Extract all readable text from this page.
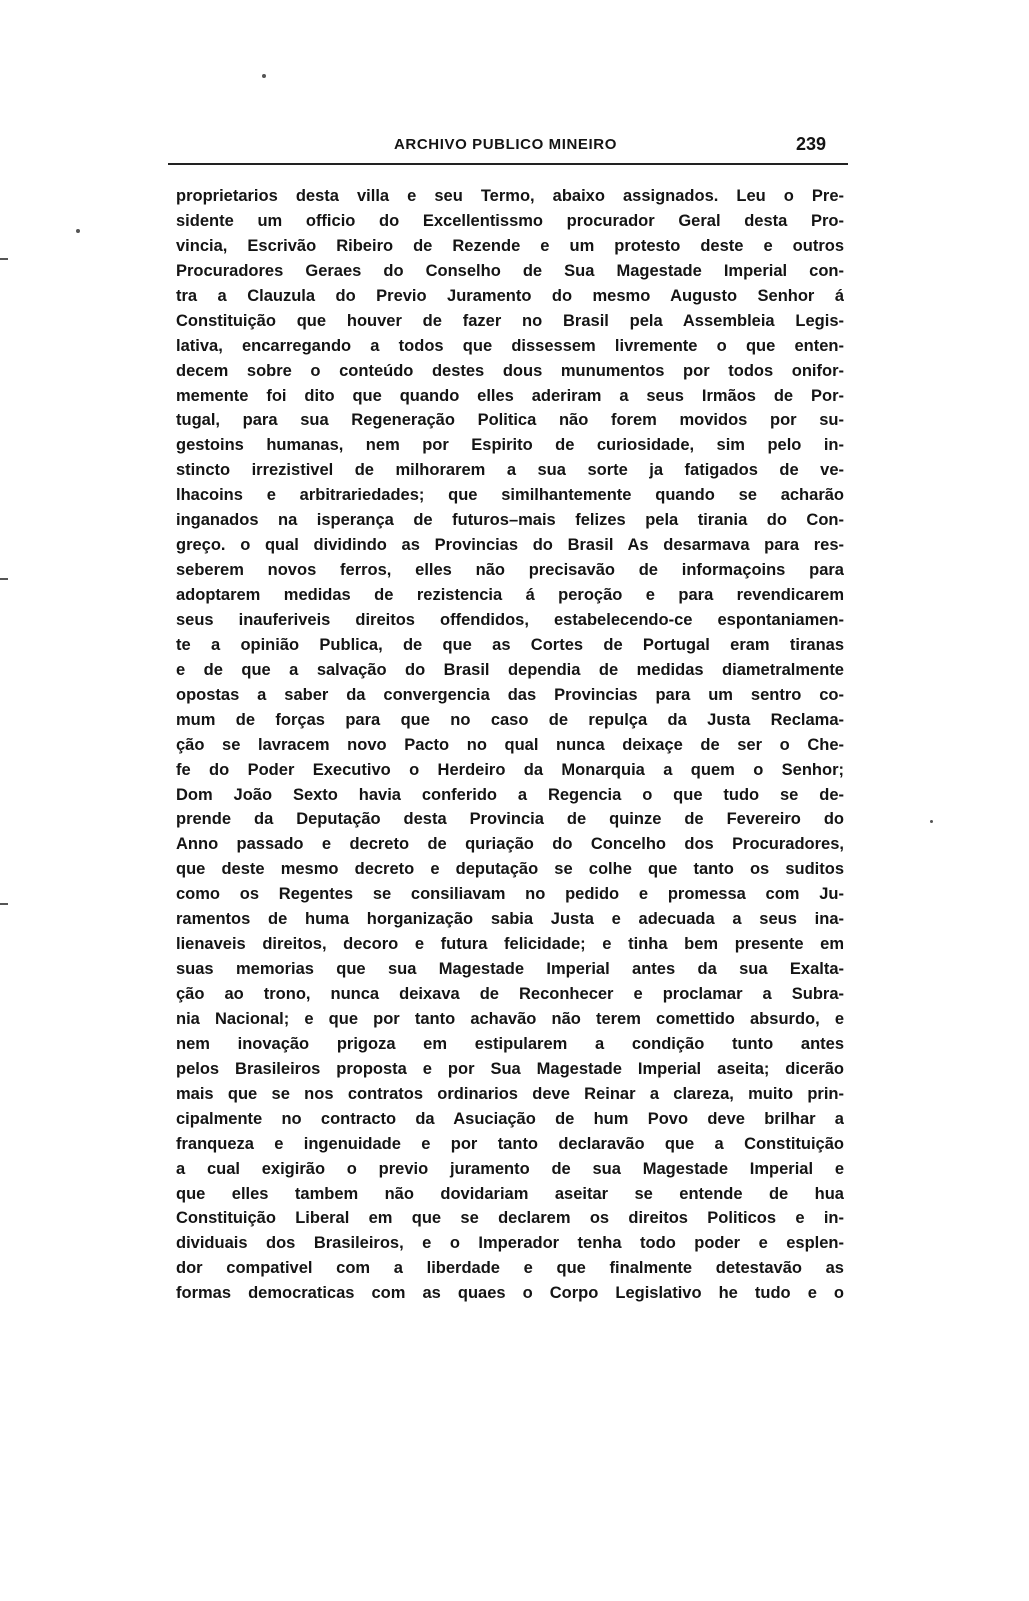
ARCHIVO PUBLICO MINEIRO	239
proprietarios desta villa e seu Termo, abaixo assignados. Leu o Pre-
sidente um officio do Excellentissmo procurador Geral desta Pro-
vincia, Escrivão Ribeiro de Rezende e um protesto deste e outros
Procuradores Geraes do Conselho de Sua Magestade Imperial con-
tra a Clauzula do Previo Juramento do mesmo Augusto Senhor á
Constituição que houver de fazer no Brasil pela Assembleia Legis-
lativa, encarregando a todos que dissessem livremente o que enten-
decem sobre o conteúdo destes dous munumentos por todos onifor-
memente foi dito que quando elles aderiram a seus Irmãos de Por-
tugal, para sua Regeneração Politica não forem movidos por su-
gestoins humanas, nem por Espirito de curiosidade, sim pelo in-
stincto irrezistivel de milhorarem a sua sorte ja fatigados de ve-
lhacoins e arbitrariedades; que similhantemente quando se acharão
inganados na isperança de futuros–mais felizes pela tirania do Con-
greço. o qual dividindo as Provincias do Brasil As desarmava para res-
seberem novos ferros, elles não precisavão de informaçoins para
adoptarem medidas de rezistencia á peroção e para revendicarem
seus inauferiveis direitos offendidos, estabelecendo-ce espontaniamen-
te a opinião Publica, de que as Cortes de Portugal eram tiranas
e de que a salvação do Brasil dependia de medidas diametralmente
opostas a saber da convergencia das Provincias para um sentro co-
mum de forças para que no caso de repulça da Justa Reclama-
ção se lavracem novo Pacto no qual nunca deixaçe de ser o Che-
fe do Poder Executivo o Herdeiro da Monarquia a quem o Senhor;
Dom João Sexto havia conferido a Regencia o que tudo se de-
prende da Deputação desta Provincia de quinze de Fevereiro do
Anno passado e decreto de quriação do Concelho dos Procuradores,
que deste mesmo decreto e deputação se colhe que tanto os suditos
como os Regentes se consiliavam no pedido e promessa com Ju-
ramentos de huma horganização sabia Justa e adecuada a seus ina-
lienaveis direitos, decoro e futura felicidade; e tinha bem presente em
suas memorias que sua Magestade Imperial antes da sua Exalta-
ção ao trono, nunca deixava de Reconhecer e proclamar a Subra-
nia Nacional; e que por tanto achavão não terem comettido absurdo, e
nem inovação prigoza em estipularem a condição tunto antes
pelos Brasileiros proposta e por Sua Magestade Imperial aseita; dicerão
mais que se nos contratos ordinarios deve Reinar a clareza, muito prin-
cipalmente no contracto da Asuciação de hum Povo deve brilhar a
franqueza e ingenuidade e por tanto declaravão que a Constituição
a cual exigirão o previo juramento de sua Magestade Imperial e
que elles tambem não dovidariam aseitar se entende de hua
Constituição Liberal em que se declarem os direitos Politicos e in-
dividuais dos Brasileiros, e o Imperador tenha todo poder e esplen-
dor compativel com a liberdade e que finalmente detestavão as
formas democraticas com as quaes o Corpo Legislativo he tudo e o
